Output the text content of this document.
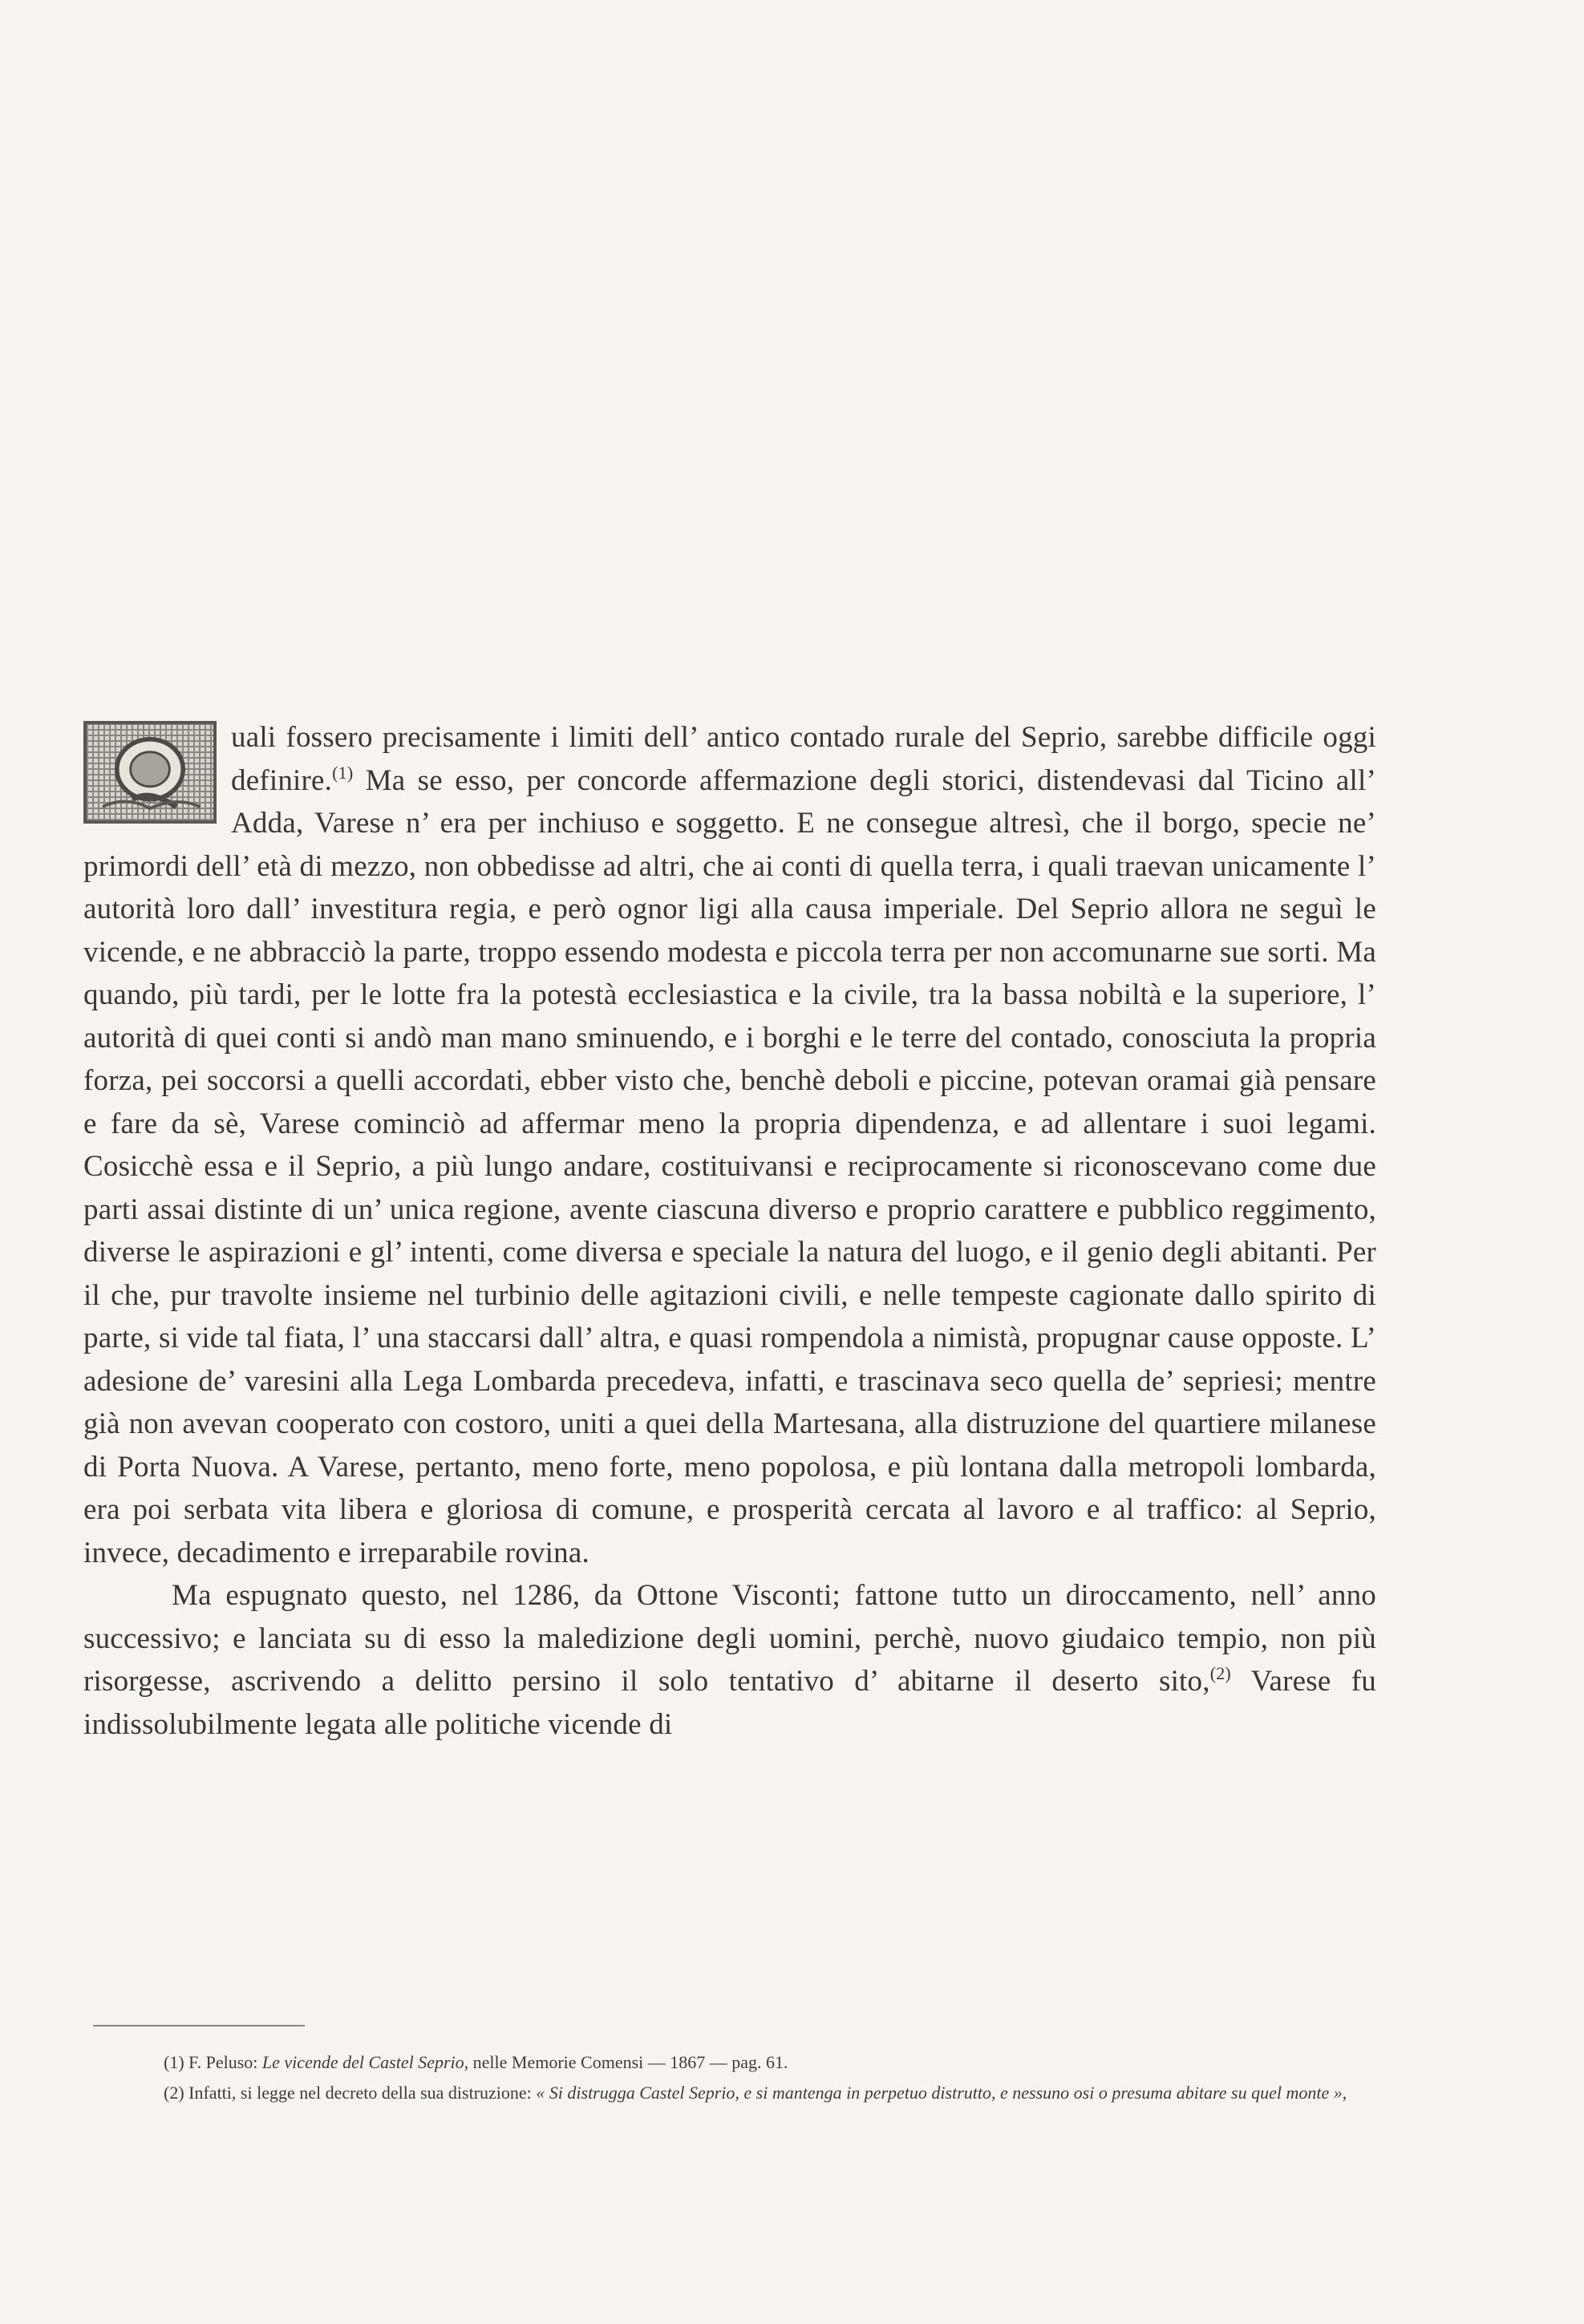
uali fossero precisamente i limiti dell’ antico contado rurale del Seprio, sarebbe difficile oggi definire.$^{(1)}$ Ma se esso, per concorde affermazione degli storici, distendevasi dal Ticino all’ Adda, Varese n’ era per inchiuso e soggetto. E ne consegue altresì, che il borgo, specie ne’ primordi dell’ età di mezzo, non obbedisse ad altri, che ai conti di quella terra, i quali traevan unicamente l’ autorità loro dall’ investitura regia, e però ognor ligi alla causa imperiale. Del Seprio allora ne seguì le vicende, e ne abbracciò la parte, troppo essendo modesta e piccola terra per non accomunarne sue sorti. Ma quando, più tardi, per le lotte fra la potestà ecclesiastica e la civile, tra la bassa nobiltà e la superiore, l’ autorità di quei conti si andò man mano sminuendo, e i borghi e le terre del contado, conosciuta la propria forza, pei soccorsi a quelli accordati, ebber visto che, benchè deboli e piccine, potevan oramai già pensare e fare da sè, Varese cominciò ad affermar meno la propria dipendenza, e ad allentare i suoi legami. Cosicchè essa e il Seprio, a più lungo andare, costituivansi e reciprocamente si riconoscevano come due parti assai distinte di un’ unica regione, avente ciascuna diverso e proprio carattere e pubblico reggimento, diverse le aspirazioni e gl’ intenti, come diversa e speciale la natura del luogo, e il genio degli abitanti. Per il che, pur travolte insieme nel turbinio delle agitazioni civili, e nelle tempeste cagionate dallo spirito di parte, si vide tal fiata, l’ una staccarsi dall’ altra, e quasi rompendola a nimistà, propugnar cause opposte. L’ adesione de’ varesini alla Lega Lombarda precedeva, infatti, e trascinava seco quella de’ sepriesi; mentre già non avevan cooperato con costoro, uniti a quei della Martesana, alla distruzione del quartiere milanese di Porta Nuova. A Varese, pertanto, meno forte, meno popolosa, e più lontana dalla metropoli lombarda, era poi serbata vita libera e gloriosa di comune, e prosperità cercata al lavoro e al traffico: al Seprio, invece, decadimento e irreparabile rovina.

Ma espugnato questo, nel 1286, da Ottone Visconti; fattone tutto un diroccamento, nell’ anno successivo; e lanciata su di esso la maledizione degli uomini, perchè, nuovo giudaico tempio, non più risorgesse, ascrivendo a delitto persino il solo tentativo d’ abitarne il deserto sito,$^{(2)}$ Varese fu indissolubilmente legata alle politiche vicende di

(1) F. Peluso: Le vicende del Castel Seprio, nelle Memorie Comensi — 1867 — pag. 61.

(2) Infatti, si legge nel decreto della sua distruzione: « Si distrugga Castel Seprio, e si mantenga in perpetuo distrutto, e nessuno osi o presuma abitare su quel monte »,
